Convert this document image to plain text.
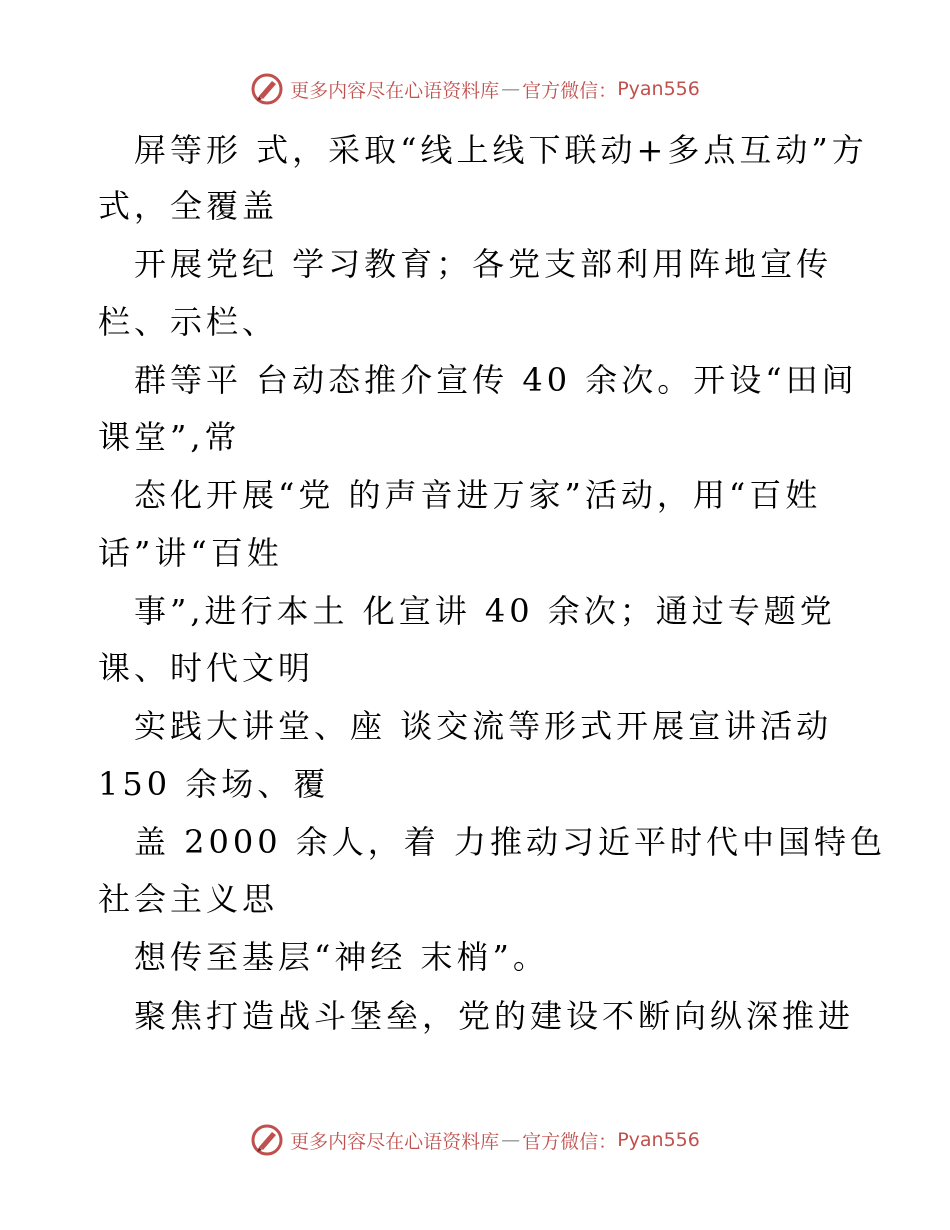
更多内容尽在心语资料库 — 官方微信： Pyan556
屏等形 式，采取“线上线下联动+多点互动”方
式，全覆盖
开展党纪 学习教育；各党支部利用阵地宣传
栏、示栏、
群等平 台动态推介宣传 40 余次。开设“田间
课堂”,常
态化开展“党 的声音进万家”活动，用“百姓
话”讲“百姓
事”,进行本土 化宣讲 40 余次；通过专题党
课、时代文明
实践大讲堂、座 谈交流等形式开展宣讲活动
150 余场、覆
盖 2000 余人，着 力推动习近平时代中国特色
社会主义思
想传至基层“神经 末梢”。
聚焦打造战斗堡垒，党的建设不断向纵深推进
更多内容尽在心语资料库 — 官方微信： Pyan556
